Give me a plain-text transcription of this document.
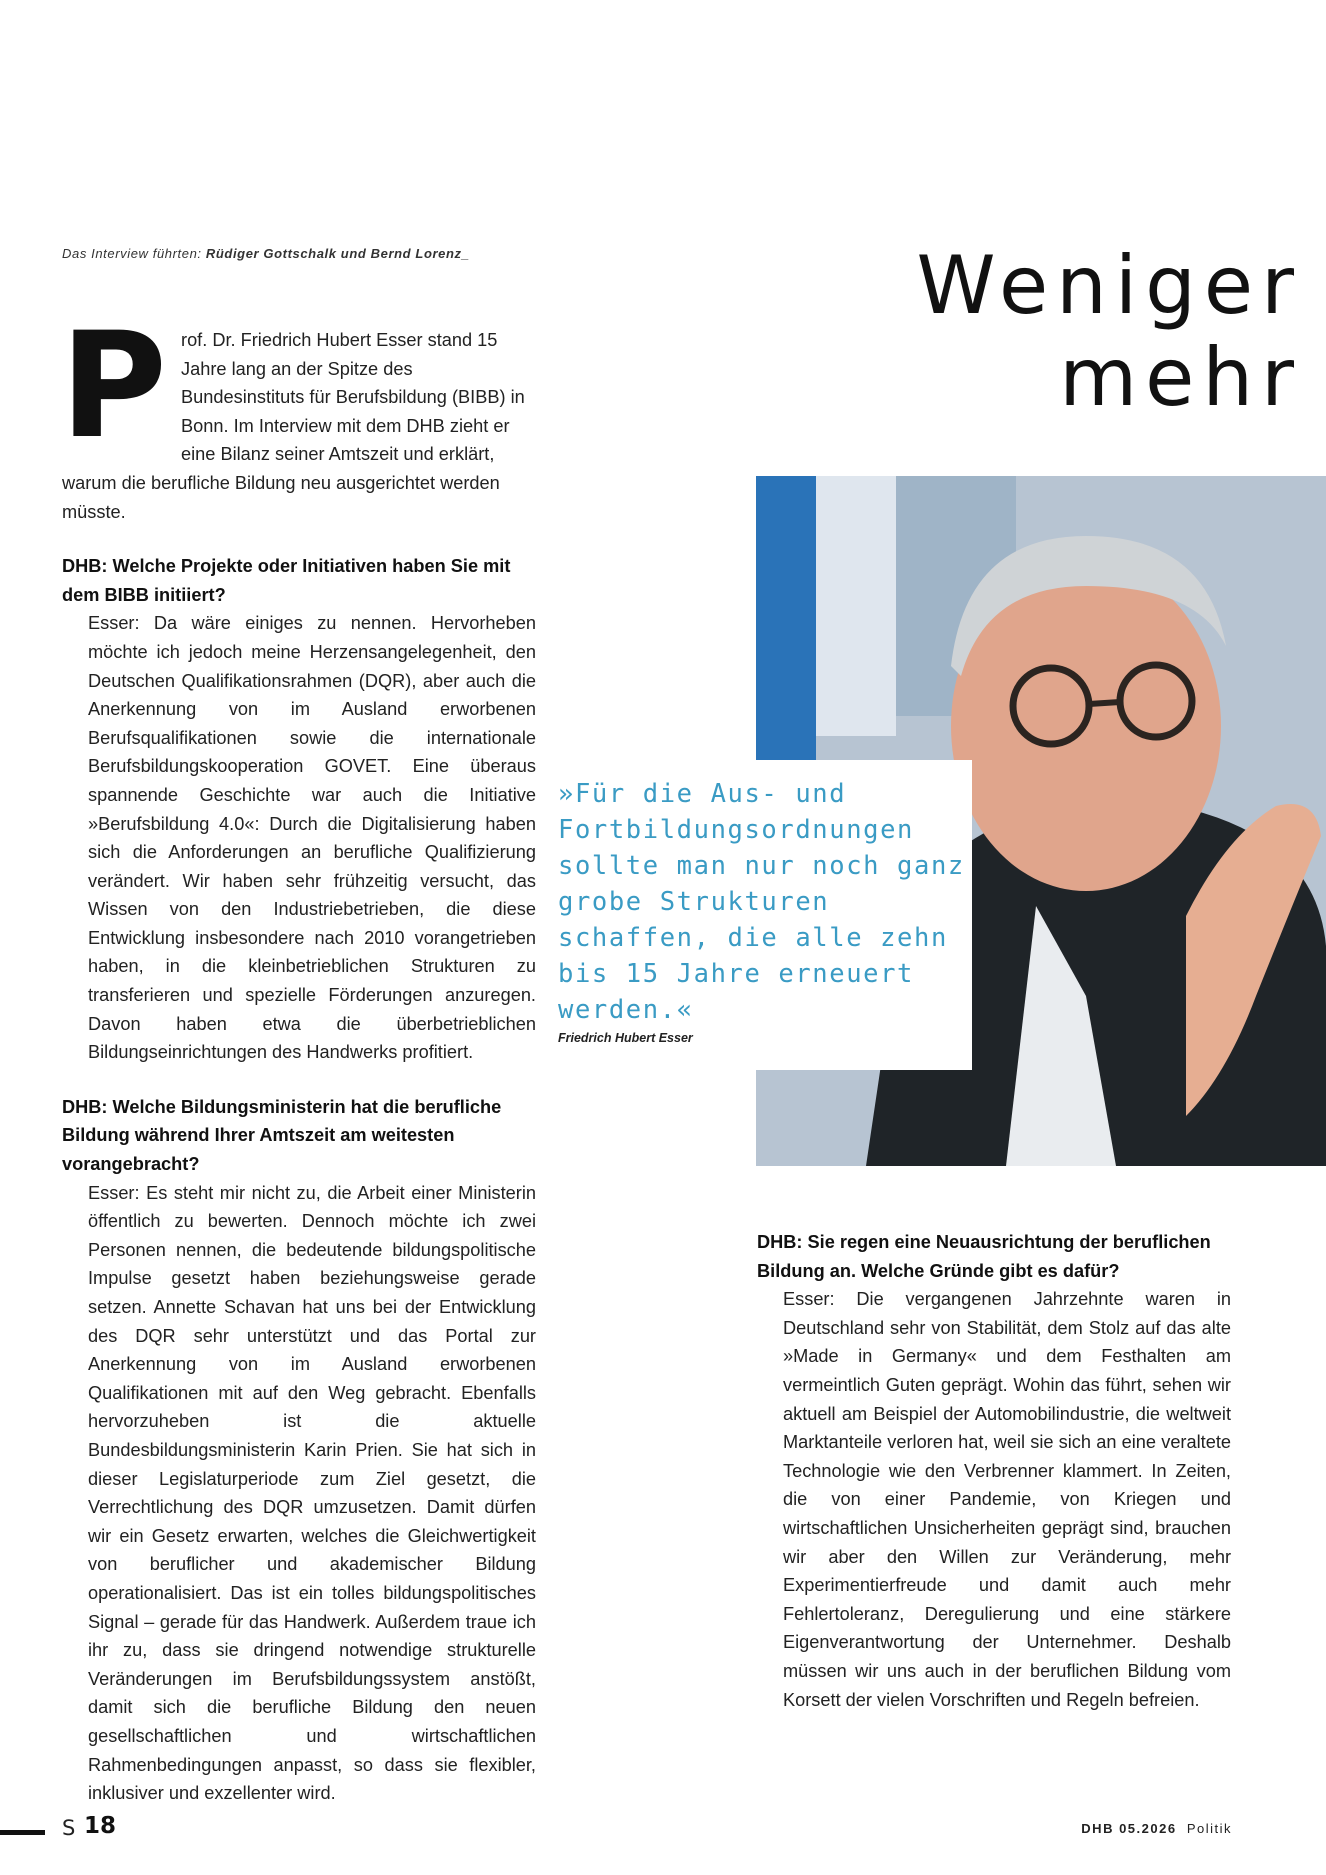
Das Interview führten: Rüdiger Gottschalk und Bernd Lorenz_	Weniger
mehr

Prof. Dr. Friedrich Hubert Esser stand 15 Jahre lang an der Spitze des Bundesinstituts für Berufsbildung (BIBB) in Bonn. Im Interview mit dem DHB zieht er eine Bilanz seiner Amtszeit und erklärt, warum die berufliche Bildung neu ausgerichtet werden müsste.

DHB: Welche Projekte oder Initiativen haben Sie mit dem BIBB initiiert?
Esser: Da wäre einiges zu nennen. Hervorheben möchte ich jedoch meine Herzensangelegenheit, den Deutschen Qualifikationsrahmen (DQR), aber auch die Anerkennung von im Ausland erworbenen Berufsqualifikationen sowie die internationale Berufsbildungskooperation GOVET. Eine überaus spannende Geschichte war auch die Initiative »Berufsbildung 4.0«: Durch die Digitalisierung haben sich die Anforderungen an berufliche Qualifizierung verändert. Wir haben sehr frühzeitig versucht, das Wissen von den Industriebetrieben, die diese Entwicklung insbesondere nach 2010 vorangetrieben haben, in die kleinbetrieblichen Strukturen zu transferieren und spezielle Förderungen anzuregen. Davon haben etwa die überbetrieblichen Bildungseinrichtungen des Handwerks profitiert.
DHB: Welche Bildungsministerin hat die berufliche Bildung während Ihrer Amtszeit am weitesten vorangebracht?
Esser: Es steht mir nicht zu, die Arbeit einer Ministerin öffentlich zu bewerten. Dennoch möchte ich zwei Personen nennen, die bedeutende bildungspolitische Impulse gesetzt haben beziehungsweise gerade setzen. Annette Schavan hat uns bei der Entwicklung des DQR sehr unterstützt und das Portal zur Anerkennung von im Ausland erworbenen Qualifikationen mit auf den Weg gebracht. Ebenfalls hervorzuheben ist die aktuelle Bundesbildungsministerin Karin Prien. Sie hat sich in dieser Legislaturperiode zum Ziel gesetzt, die Verrechtlichung des DQR umzusetzen. Damit dürfen wir ein Gesetz erwarten, welches die Gleichwertigkeit von beruflicher und akademischer Bildung operationalisiert. Das ist ein tolles bildungspolitisches Signal – gerade für das Handwerk. Außerdem traue ich ihr zu, dass sie dringend notwendige strukturelle Veränderungen im Berufsbildungssystem anstößt, damit sich die berufliche Bildung den neuen gesellschaftlichen und wirtschaftlichen Rahmenbedingungen anpasst, so dass sie flexibler, inklusiver und exzellenter wird.
»Für die Aus- und Fortbildungsordnungen sollte man nur noch ganz grobe Strukturen schaffen, die alle zehn bis 15 Jahre erneuert werden.«
Friedrich Hubert Esser
DHB: Sie regen eine Neuausrichtung der beruflichen Bildung an. Welche Gründe gibt es dafür?
Esser: Die vergangenen Jahrzehnte waren in Deutschland sehr von Stabilität, dem Stolz auf das alte »Made in Germany« und dem Festhalten am vermeintlich Guten geprägt. Wohin das führt, sehen wir aktuell am Beispiel der Automobilindustrie, die weltweit Marktanteile verloren hat, weil sie sich an eine veraltete Technologie wie den Verbrenner klammert. In Zeiten, die von einer Pandemie, von Kriegen und wirtschaftlichen Unsicherheiten geprägt sind, brauchen wir aber den Willen zur Veränderung, mehr Experimentierfreude und damit auch mehr Fehlertoleranz, Deregulierung und eine stärkere Eigenverantwortung der Unternehmer. Deshalb müssen wir uns auch in der beruflichen Bildung vom Korsett der vielen Vorschriften und Regeln befreien.
S 18	DHB 05.2026 Politik
